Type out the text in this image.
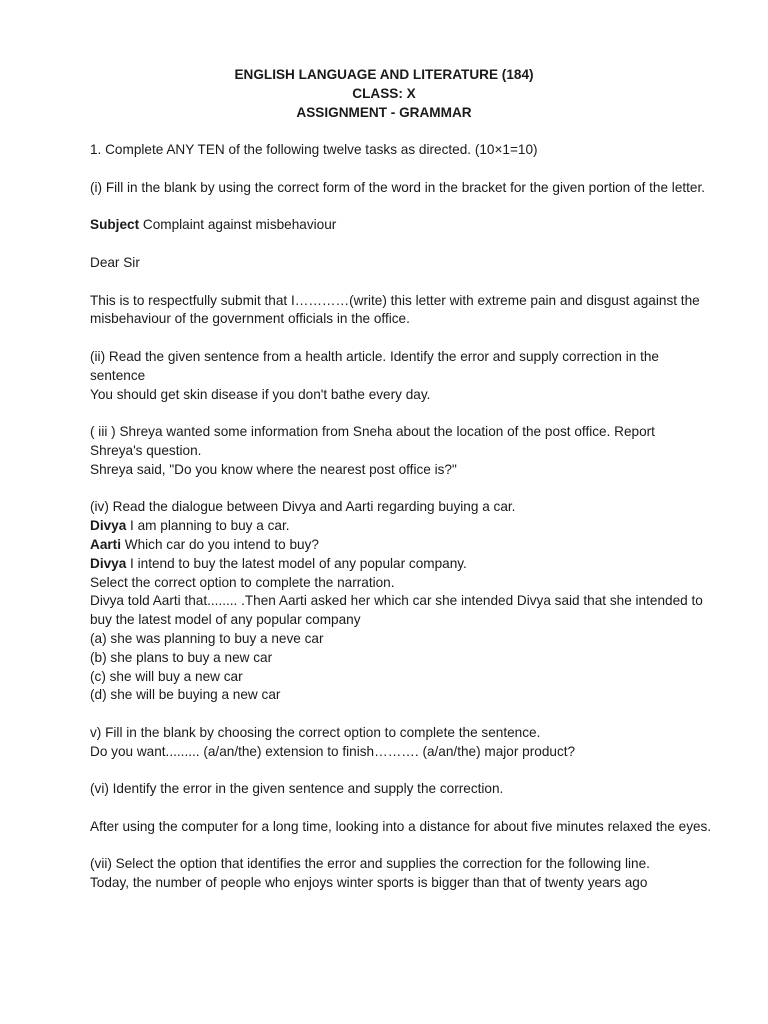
ENGLISH LANGUAGE AND LITERATURE (184)
CLASS: X
ASSIGNMENT - GRAMMAR

1. Complete ANY TEN of the following twelve tasks as directed. (10×1=10)

(i) Fill in the blank by using the correct form of the word in the bracket for the given portion of the letter.

Subject Complaint against misbehaviour

Dear Sir

This is to respectfully submit that I…………(write) this letter with extreme pain and disgust against the misbehaviour of the government officials in the office.

(ii) Read the given sentence from a health article. Identify the error and supply correction in the sentence
You should get skin disease if you don't bathe every day.

( iii ) Shreya wanted some information from Sneha about the location of the post office. Report Shreya's question.
Shreya said, "Do you know where the nearest post office is?"

(iv) Read the dialogue between Divya and Aarti regarding buying a car.
Divya I am planning to buy a car.
Aarti Which car do you intend to buy?
Divya I intend to buy the latest model of any popular company.
Select the correct option to complete the narration.
Divya told Aarti that........ .Then Aarti asked her which car she intended Divya said that she intended to buy the latest model of any popular company
(a) she was planning to buy a neve car
(b) she plans to buy a new car
(c) she will buy a new car
(d) she will be buying a new car

v) Fill in the blank by choosing the correct option to complete the sentence.
Do you want......... (a/an/the) extension to finish………. (a/an/the) major product?

(vi) Identify the error in the given sentence and supply the correction.

After using the computer for a long time, looking into a distance for about five minutes relaxed the eyes.

(vii) Select the option that identifies the error and supplies the correction for the following line.
Today, the number of people who enjoys winter sports is bigger than that of twenty years ago
